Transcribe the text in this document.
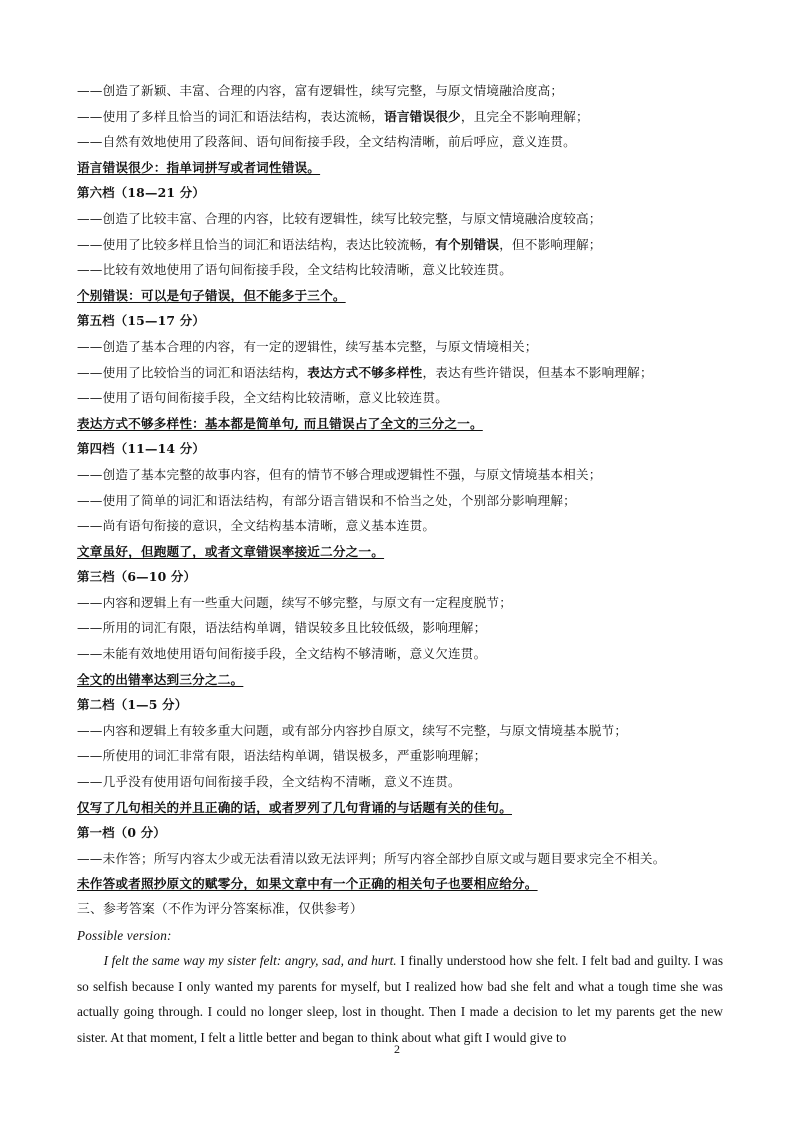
——创造了新颖、丰富、合理的内容，富有逻辑性，续写完整，与原文情境融洽度高；
——使用了多样且恰当的词汇和语法结构，表达流畅，语言错误很少，且完全不影响理解；
——自然有效地使用了段落间、语句间衔接手段，全文结构清晰，前后呼应，意义连贯。
语言错误很少：指单词拼写或者词性错误。
第六档（18—21 分）
——创造了比较丰富、合理的内容，比较有逻辑性，续写比较完整，与原文情境融洽度较高；
——使用了比较多样且恰当的词汇和语法结构，表达比较流畅，有个别错误，但不影响理解；
——比较有效地使用了语句间衔接手段，全文结构比较清晰，意义比较连贯。
个别错误：可以是句子错误，但不能多于三个。
第五档（15—17 分）
——创造了基本合理的内容，有一定的逻辑性，续写基本完整，与原文情境相关；
——使用了比较恰当的词汇和语法结构，表达方式不够多样性，表达有些许错误，但基本不影响理解；
——使用了语句间衔接手段，全文结构比较清晰，意义比较连贯。
表达方式不够多样性：基本都是简单句, 而且错误占了全文的三分之一。
第四档（11—14 分）
——创造了基本完整的故事内容，但有的情节不够合理或逻辑性不强，与原文情境基本相关；
——使用了简单的词汇和语法结构，有部分语言错误和不恰当之处，个别部分影响理解；
——尚有语句衔接的意识，全文结构基本清晰，意义基本连贯。
文章虽好，但跑题了，或者文章错误率接近二分之一。
第三档（6—10 分）
——内容和逻辑上有一些重大问题，续写不够完整，与原文有一定程度脱节；
——所用的词汇有限，语法结构单调，错误较多且比较低级，影响理解；
——未能有效地使用语句间衔接手段，全文结构不够清晰，意义欠连贯。
全文的出错率达到三分之二。
第二档（1—5 分）
——内容和逻辑上有较多重大问题，或有部分内容抄自原文，续写不完整，与原文情境基本脱节；
——所使用的词汇非常有限，语法结构单调，错误极多，严重影响理解；
——几乎没有使用语句间衔接手段，全文结构不清晰，意义不连贯。
仅写了几句相关的并且正确的话，或者罗列了几句背诵的与话题有关的佳句。
第一档（0 分）
——未作答；所写内容太少或无法看清以致无法评判；所写内容全部抄自原文或与题目要求完全不相关。
未作答或者照抄原文的赋零分，如果文章中有一个正确的相关句子也要相应给分。
三、参考答案（不作为评分答案标准，仅供参考）
Possible version:
I felt the same way my sister felt: angry, sad, and hurt. I finally understood how she felt. I felt bad and guilty. I was so selfish because I only wanted my parents for myself, but I realized how bad she felt and what a tough time she was actually going through. I could no longer sleep, lost in thought. Then I made a decision to let my parents get the new sister. At that moment, I felt a little better and began to think about what gift I would give to
2
